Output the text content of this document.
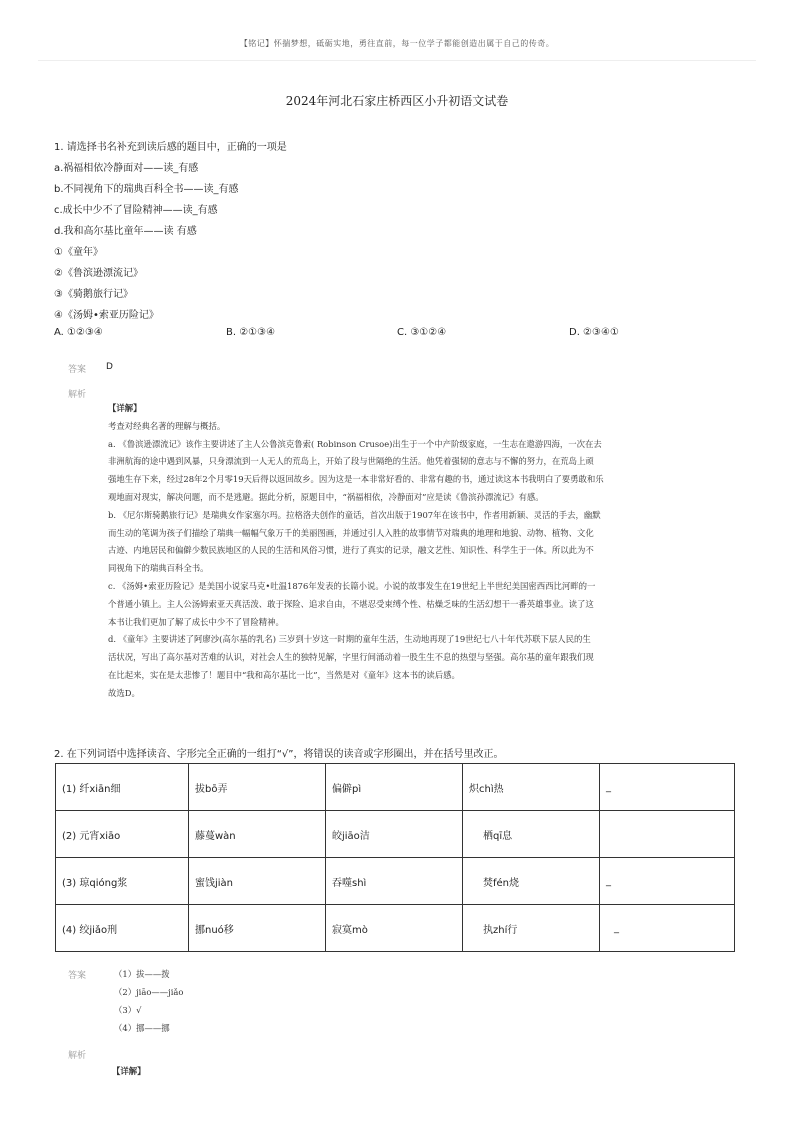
【铭记】怀揣梦想，砥砺实地，勇往直前，每一位学子都能创造出属于自己的传奇。
2024年河北石家庄桥西区小升初语文试卷
1. 请选择书名补充到读后感的题目中，正确的一项是
a.祸福相依冷静面对——读_有感
b.不同视角下的瑞典百科全书——读_有感
c.成长中少不了冒险精神——读_有感
d.我和高尔基比童年——读 有感
①《童年》
②《鲁滨逊漂流记》
③《骑鹅旅行记》
④《汤姆•索亚历险记》
A. ①②③④	B. ②①③④	C. ③①②④	D. ②③④①
答案 D
解析

【详解】

考查对经典名著的理解与概括。

a. 《鲁滨逊漂流记》该作主要讲述了主人公鲁滨克鲁索( Robinson Crusoe)出生于一个中产阶级家庭，一生志在遨游四海，一次在去

非洲航海的途中遇到风暴，只身漂流到一人无人的荒岛上，开始了段与世隔绝的生活。他凭着强韧的意志与不懈的努力，在荒岛上顽

强地生存下来，经过28年2个月零19天后得以返回故乡。因为这是一本非常好看的、非常有趣的书，通过读这本书我明白了要勇敢和乐

观地面对现实，解决问题，而不是逃避。据此分析，原题目中，“祸福相依，冷静面对”应是读《鲁滨孙漂流记》有感。

b. 《尼尔斯骑鹅旅行记》是瑞典女作家塞尔玛。拉格洛夫创作的童话，首次出版于1907年在该书中，作者用新颖、灵活的手去，幽默

而生动的笔调为孩子们描绘了瑞典一幅幅气象万千的美丽图画，并通过引人入胜的故事情节对瑞典的地理和地貌、动物、植物、文化

古迹、内地居民和偏僻少数民族地区的人民的生活和风俗习惯，进行了真实的记录，融文艺性、知识性、科学生于一体。所以此为不

同视角下的瑞典百科全书。

c. 《汤姆•索亚历险记》是美国小说家马克•吐温1876年发表的长篇小说。小说的故事发生在19世纪上半世纪美国密西西比河畔的一

个普通小镇上。主人公汤姆索亚天真活泼、敢于探险、追求自由，不堪忍受束缚个性、枯燥乏味的生活幻想干一番英雄事业。读了这

本书让我们更加了解了成长中少不了冒险精神。

d. 《童年》主要讲述了阿廖沙(高尔基的乳名) 三岁到十岁这一时期的童年生活，生动地再现了19世纪七八十年代苏联下层人民的生

活状况，写出了高尔基对苦难的认识，对社会人生的独特见解，字里行间涌动着一股生生不息的热望与坚强。高尔基的童年跟我们现

在比起来，实在是太悲惨了！题目中“我和高尔基比一比”，当然是对《童年》这本书的读后感。

故选D。

2. 在下列词语中选择读音、字形完全正确的一组打“√”，将错误的读音或字形圈出，并在括号里改正。
(1) 纤xiān细	拔bō弄	偏僻pì	炽chì热	_
(2) 元宵xiāo	藤蔓wàn	皎jiāo洁	栖qī息	
(3) 琼qióng浆	蜜饯jiàn	吞噬shì	焚fén烧	_
(4) 绞jiǎo刑	挪nuó移	寂寞mò	执zhí行	_
答案	（1）拔——拨
（2）jiāo——jiǎo
（3）√
（4）挪——挪
解析
【详解】
